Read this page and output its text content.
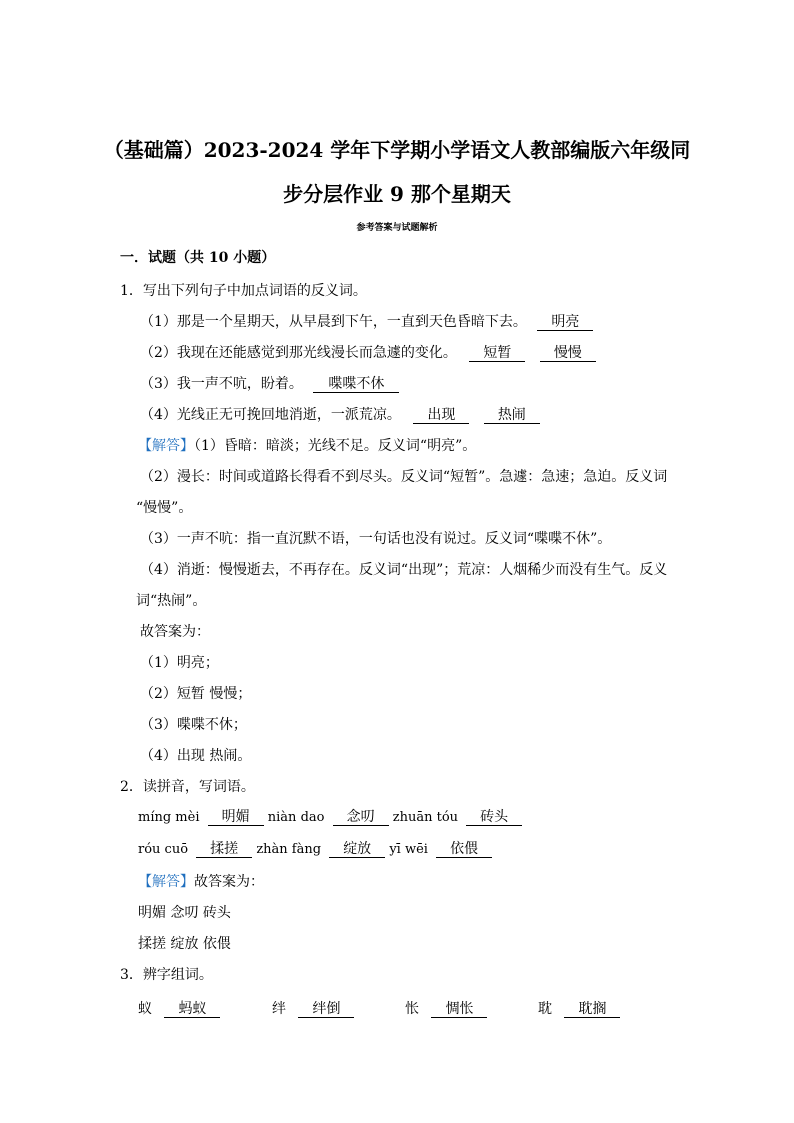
（基础篇）2023-2024 学年下学期小学语文人教部编版六年级同
步分层作业 9 那个星期天
参考答案与试题解析
一．试题（共 10 小题）
1．写出下列句子中加点词语的反义词。
（1）那是一个星期天，从早晨到下午，一直到天色昏暗下去。 明亮
（2）我现在还能感觉到那光线漫长而急遽的变化。 短暂	慢慢
（3）我一声不吭，盼着。 喋喋不休
（4）光线正无可挽回地消逝，一派荒凉。 出现	热闹
【解答】（1）昏暗：暗淡；光线不足。反义词“明亮”。
（2）漫长：时间或道路长得看不到尽头。反义词“短暂”。急遽：急速；急迫。反义词
“慢慢”。
（3）一声不吭：指一直沉默不语，一句话也没有说过。反义词“喋喋不休”。
（4）消逝：慢慢逝去，不再存在。反义词“出现”；荒凉：人烟稀少而没有生气。反义
词“热闹”。
故答案为：
（1）明亮；
（2）短暂 慢慢；
（3）喋喋不休；
（4）出现 热闹。
2．读拼音，写词语。
míng mèi 明媚 niàn dao 念叨 zhuān tóu 砖头
róu cuō 揉搓 zhàn fàng 绽放 yī wēi 依偎
【解答】故答案为：
明媚 念叨 砖头
揉搓 绽放 依偎
3．辨字组词。
蚁 蚂蚁	绊 绊倒	怅 惆怅	耽 耽搁
